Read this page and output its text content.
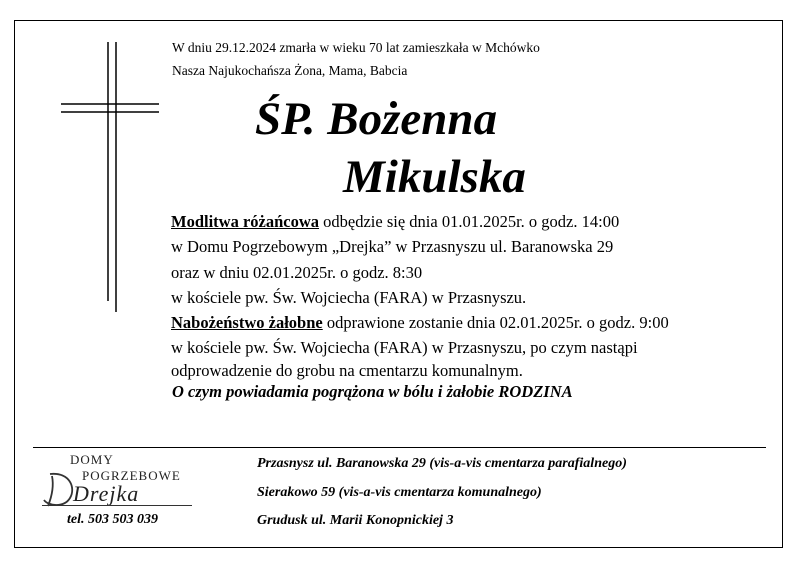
W dniu 29.12.2024 zmarła w wieku 70 lat zamieszkała w Mchówko
Nasza Najukochańsza Żona, Mama, Babcia
ŚP. Bożenna
Mikulska
Modlitwa różańcowa odbędzie się dnia 01.01.2025r. o godz. 14:00
w Domu Pogrzebowym „Drejka” w Przasnyszu ul. Baranowska 29
oraz w dniu 02.01.2025r. o godz. 8:30
w kościele pw. Św. Wojciecha (FARA) w Przasnyszu.
Nabożeństwo żałobne odprawione zostanie dnia 02.01.2025r. o godz. 9:00
w kościele pw. Św. Wojciecha (FARA) w Przasnyszu, po czym nastąpi
odprowadzenie do grobu na cmentarzu komunalnym.
O czym powiadamia pogrążona w bólu i żałobie RODZINA
DOMY
POGRZEBOWE
Drejka
tel. 503 503 039
Przasnysz ul. Baranowska 29 (vis-a-vis cmentarza parafialnego)
Sierakowo 59 (vis-a-vis cmentarza komunalnego)
Grudusk ul. Marii Konopnickiej 3
